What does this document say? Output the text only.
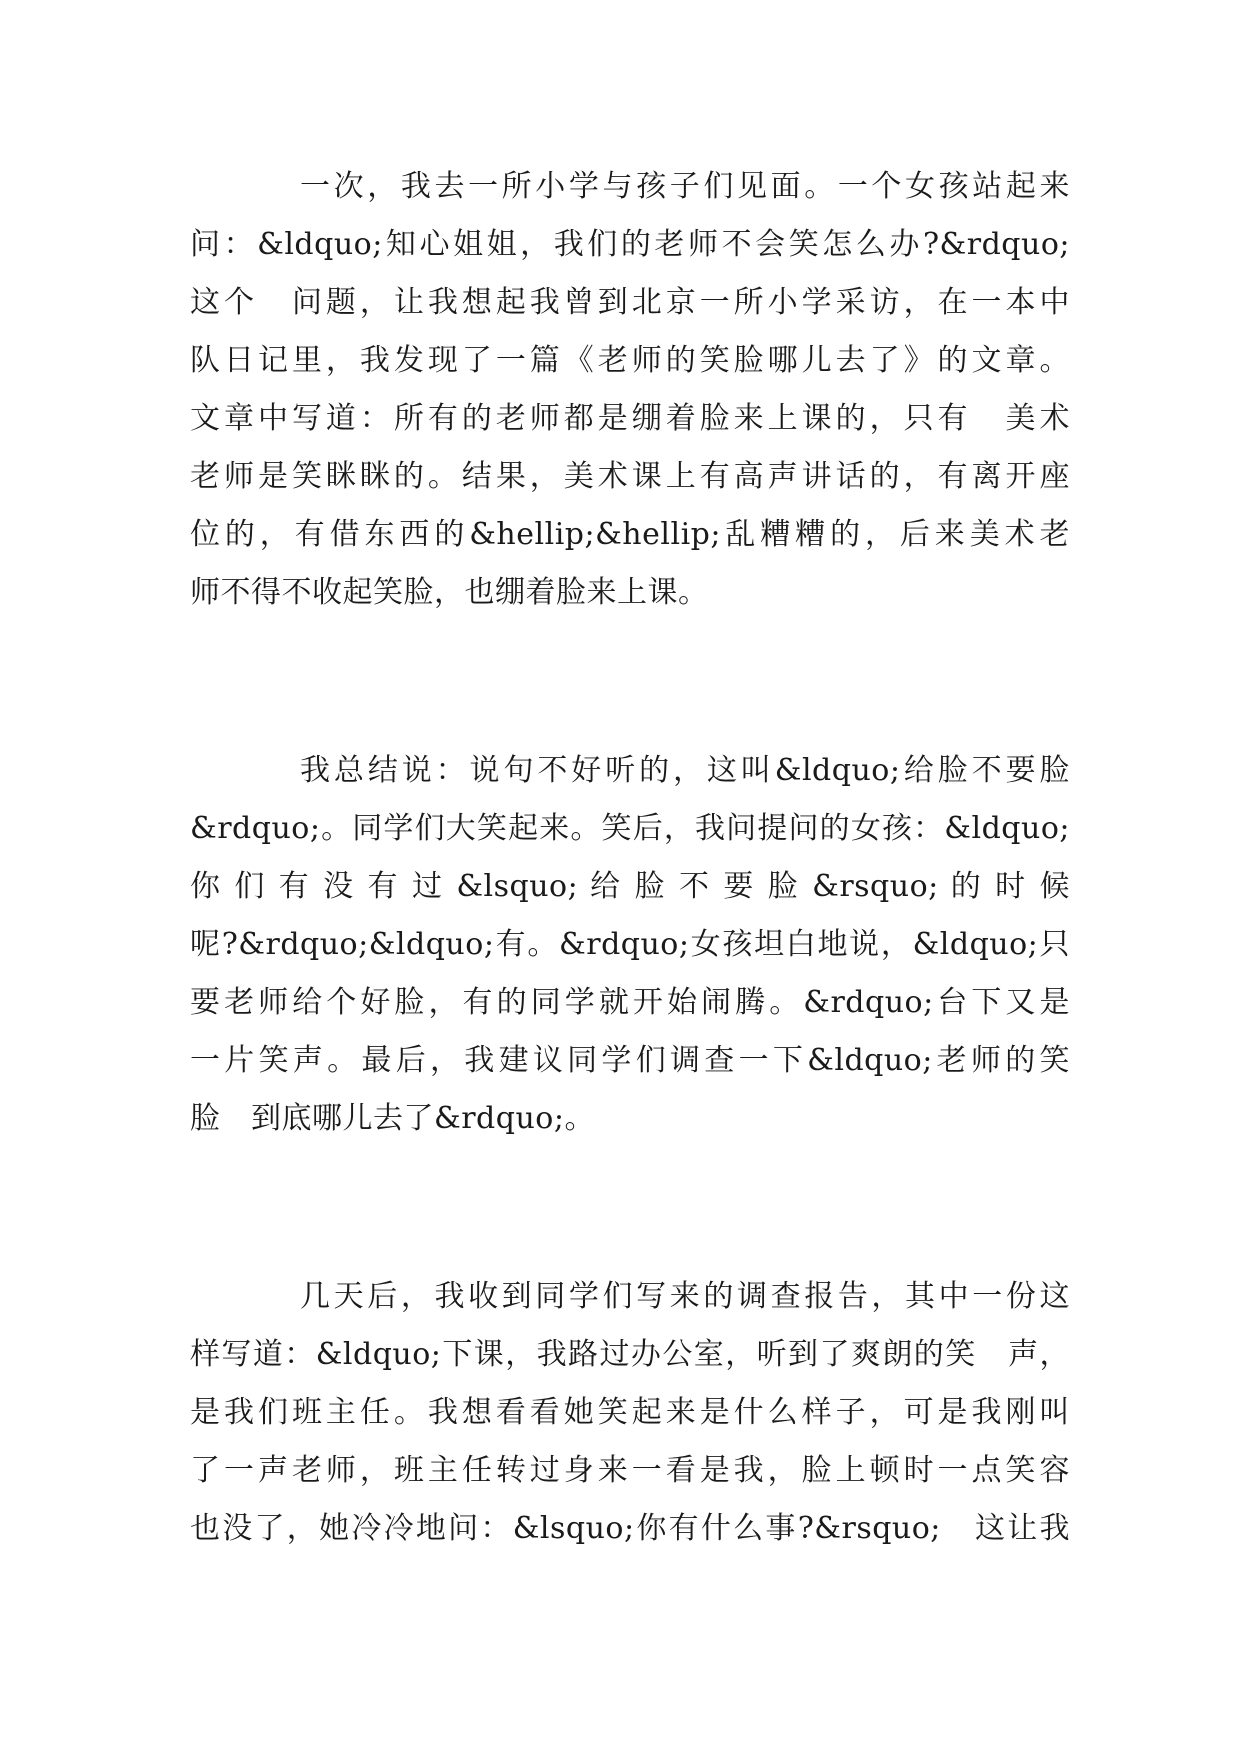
一次，我去一所小学与孩子们见面。一个女孩站起来
问：&ldquo;知心姐姐，我们的老师不会笑怎么办?&rdquo;
这个　问题，让我想起我曾到北京一所小学采访，在一本中
队日记里，我发现了一篇《老师的笑脸哪儿去了》的文章。
文章中写道：所有的老师都是绷着脸来上课的，只有　美术
老师是笑眯眯的。结果，美术课上有高声讲话的，有离开座
位的，有借东西的&hellip;&hellip;乱糟糟的，后来美术老
师不得不收起笑脸，也绷着脸来上课。
我总结说：说句不好听的，这叫&ldquo;给脸不要脸
&rdquo;。同学们大笑起来。笑后，我问提问的女孩：&ldquo;
你 们 有 没 有 过 &lsquo; 给 脸 不 要 脸 &rsquo; 的 时 候
呢?&rdquo;&ldquo;有。&rdquo;女孩坦白地说，&ldquo;只
要老师给个好脸，有的同学就开始闹腾。&rdquo;台下又是
一片笑声。最后，我建议同学们调查一下&ldquo;老师的笑
脸　到底哪儿去了&rdquo;。
几天后，我收到同学们写来的调查报告，其中一份这
样写道：&ldquo;下课，我路过办公室，听到了爽朗的笑　声，
是我们班主任。我想看看她笑起来是什么样子，可是我刚叫
了一声老师，班主任转过身来一看是我，脸上顿时一点笑容
也没了，她冷冷地问：&lsquo;你有什么事?&rsquo;　这让我
